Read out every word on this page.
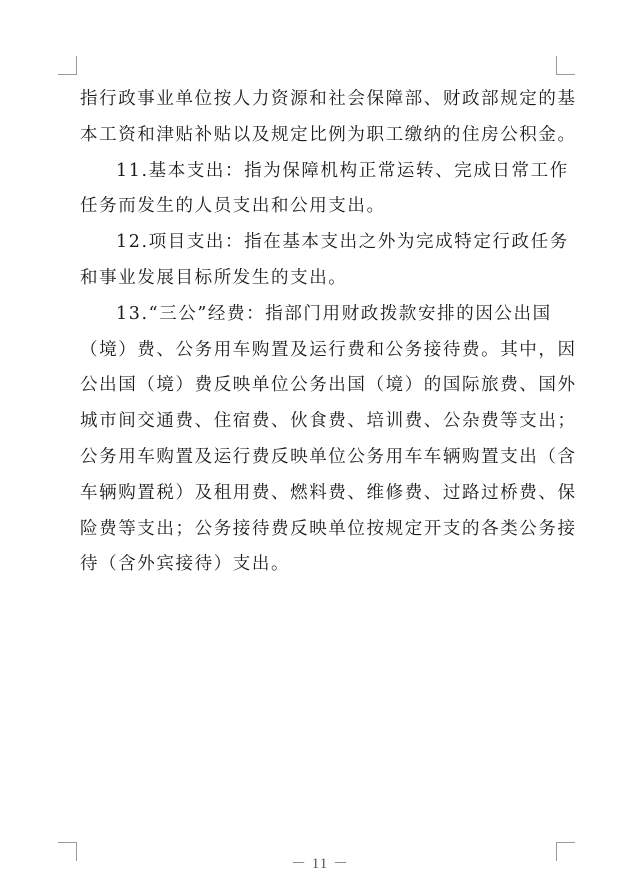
指行政事业单位按人力资源和社会保障部、财政部规定的基
本工资和津贴补贴以及规定比例为职工缴纳的住房公积金。
11.基本支出：指为保障机构正常运转、完成日常工作
任务而发生的人员支出和公用支出。
12.项目支出：指在基本支出之外为完成特定行政任务
和事业发展目标所发生的支出。
13.“三公”经费：指部门用财政拨款安排的因公出国
（境）费、公务用车购置及运行费和公务接待费。其中，因
公出国（境）费反映单位公务出国（境）的国际旅费、国外
城市间交通费、住宿费、伙食费、培训费、公杂费等支出；
公务用车购置及运行费反映单位公务用车车辆购置支出（含
车辆购置税）及租用费、燃料费、维修费、过路过桥费、保
险费等支出；公务接待费反映单位按规定开支的各类公务接
待（含外宾接待）支出。
－ 11 －
